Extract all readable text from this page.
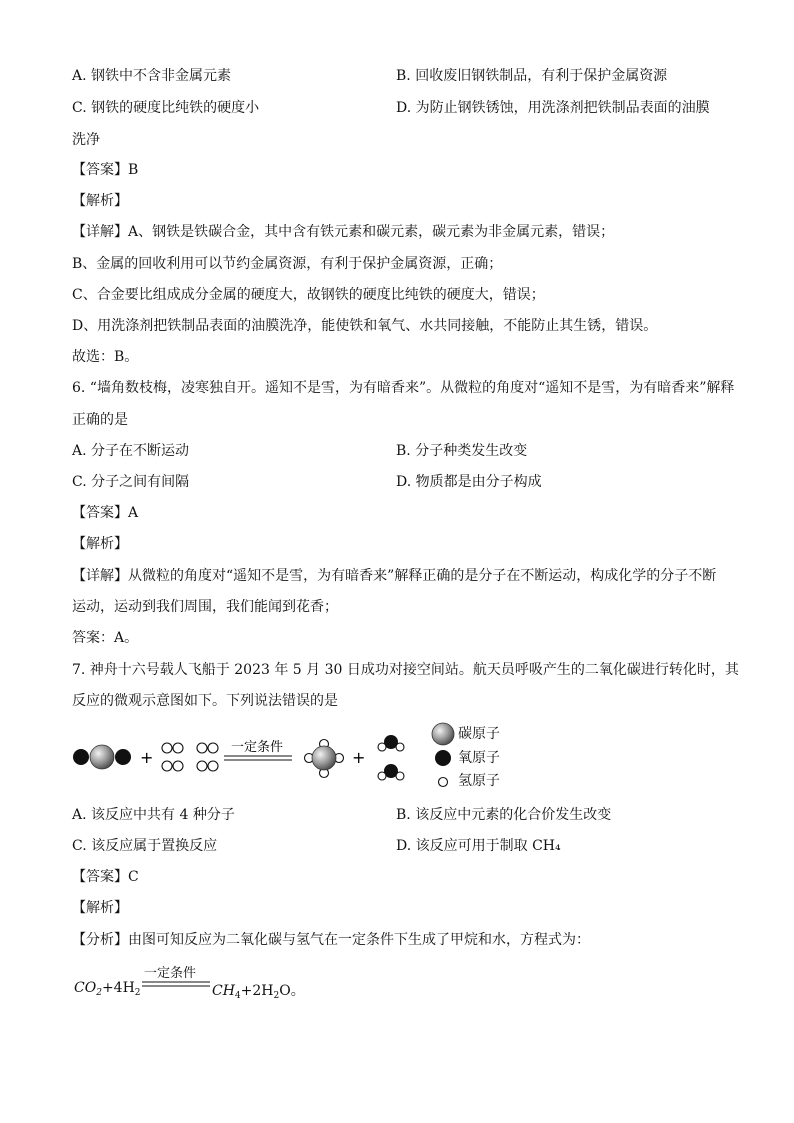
A. 钢铁中不含非金属元素	B. 回收废旧钢铁制品，有利于保护金属资源
C. 钢铁的硬度比纯铁的硬度小	D. 为防止钢铁锈蚀，用洗涤剂把铁制品表面的油膜
洗净
【答案】B
【解析】
【详解】A、钢铁是铁碳合金，其中含有铁元素和碳元素，碳元素为非金属元素，错误；
B、金属的回收利用可以节约金属资源，有利于保护金属资源，正确；
C、合金要比组成成分金属的硬度大，故钢铁的硬度比纯铁的硬度大，错误；
D、用洗涤剂把铁制品表面的油膜洗净，能使铁和氧气、水共同接触，不能防止其生锈，错误。
故选：B。
6. “墙角数枝梅，凌寒独自开。遥知不是雪，为有暗香来”。从微粒的角度对“遥知不是雪，为有暗香来”解释
正确的是
A. 分子在不断运动	B. 分子种类发生改变
C. 分子之间有间隔	D. 物质都是由分子构成
【答案】A
【解析】
【详解】从微粒的角度对“遥知不是雪，为有暗香来”解释正确的是分子在不断运动，构成化学的分子不断
运动，运动到我们周围，我们能闻到花香；
答案：A。
7. 神舟十六号载人飞船于 2023 年 5 月 30 日成功对接空间站。航天员呼吸产生的二氧化碳进行转化时，其
反应的微观示意图如下。下列说法错误的是
+
一定条件
+
碳原子
氧原子
氢原子
A. 该反应中共有 4 种分子	B. 该反应中元素的化合价发生改变
C. 该反应属于置换反应	D. 该反应可用于制取 CH₄
【答案】C
【解析】
【分析】由图可知反应为二氧化碳与氢气在一定条件下生成了甲烷和水，方程式为：
$CO_2+4H_2$
一定条件
$CH_4+2H_2O$。
